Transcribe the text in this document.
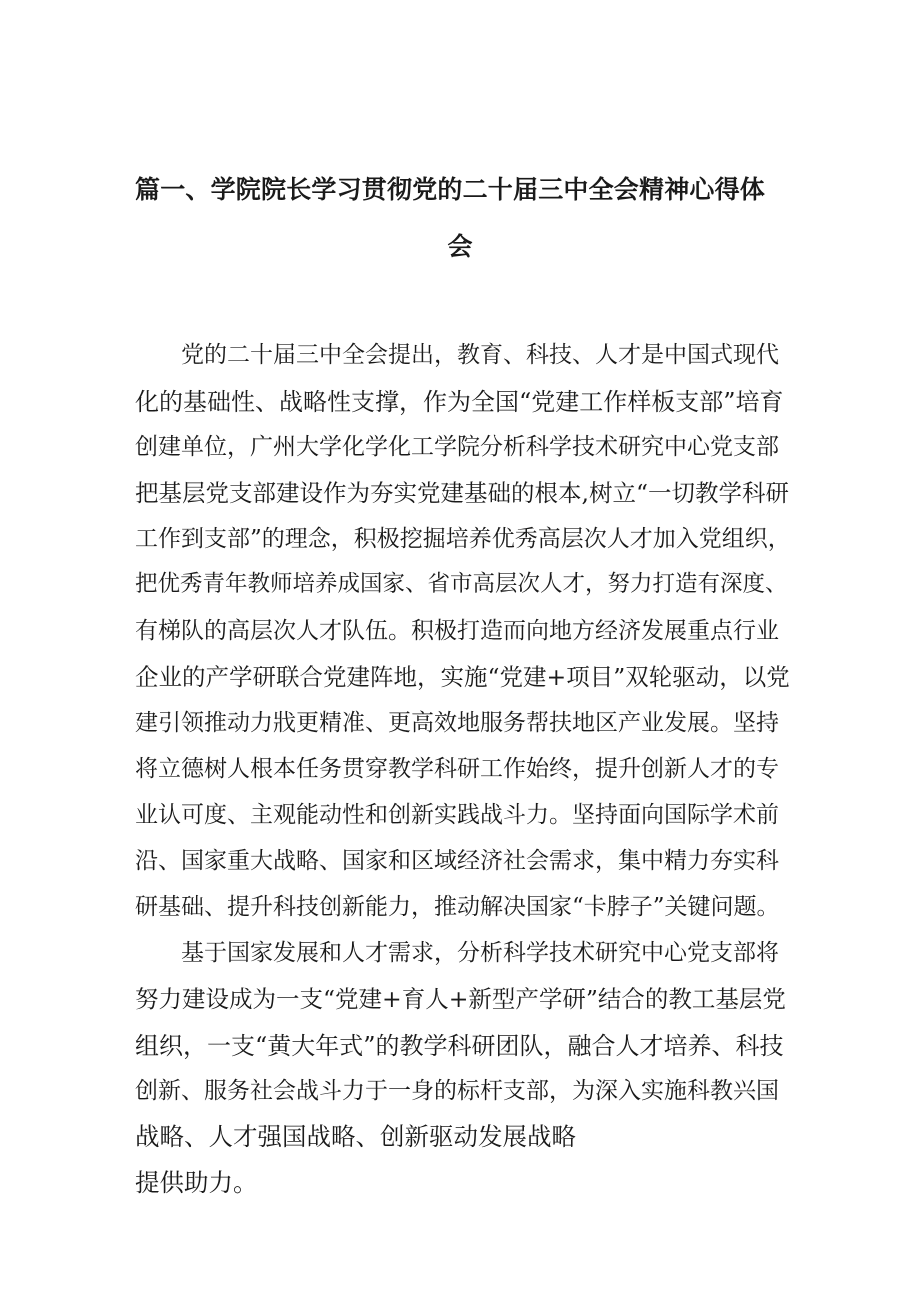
篇一、学院院长学习贯彻党的二十届三中全会精神心得体
会
　　党的二十届三中全会提出，教育、科技、人才是中国式现代
化的基础性、战略性支撑，作为全国“党建工作样板支部”培育
创建单位，广州大学化学化工学院分析科学技术研究中心党支部
把基层党支部建设作为夯实党建基础的根本,树立“一切教学科研
工作到支部”的理念，积极挖掘培养优秀高层次人才加入党组织，
把优秀青年教师培养成国家、省市高层次人才，努力打造有深度、
有梯队的高层次人才队伍。积极打造而向地方经济发展重点行业
企业的产学研联合党建阵地，实施“党建+项目”双轮驱动，以党
建引领推动力戕更精准、更高效地服务帮扶地区产业发展。坚持
将立德树人根本任务贯穿教学科研工作始终，提升创新人才的专
业认可度、主观能动性和创新实践战斗力。坚持面向国际学术前
沿、国家重大战略、国家和区域经济社会需求，集中精力夯实科
研基础、提升科技创新能力，推动解决国家“卡脖子”关键问题。
　　基于国家发展和人才需求，分析科学技术研究中心党支部将
努力建设成为一支“党建+育人+新型产学研”结合的教工基层党
组织，一支“黄大年式”的教学科研团队，融合人才培养、科技
创新、服务社会战斗力于一身的标杆支部，为深入实施科教兴国
战略、人才强国战略、创新驱动发展战略
提供助力。
